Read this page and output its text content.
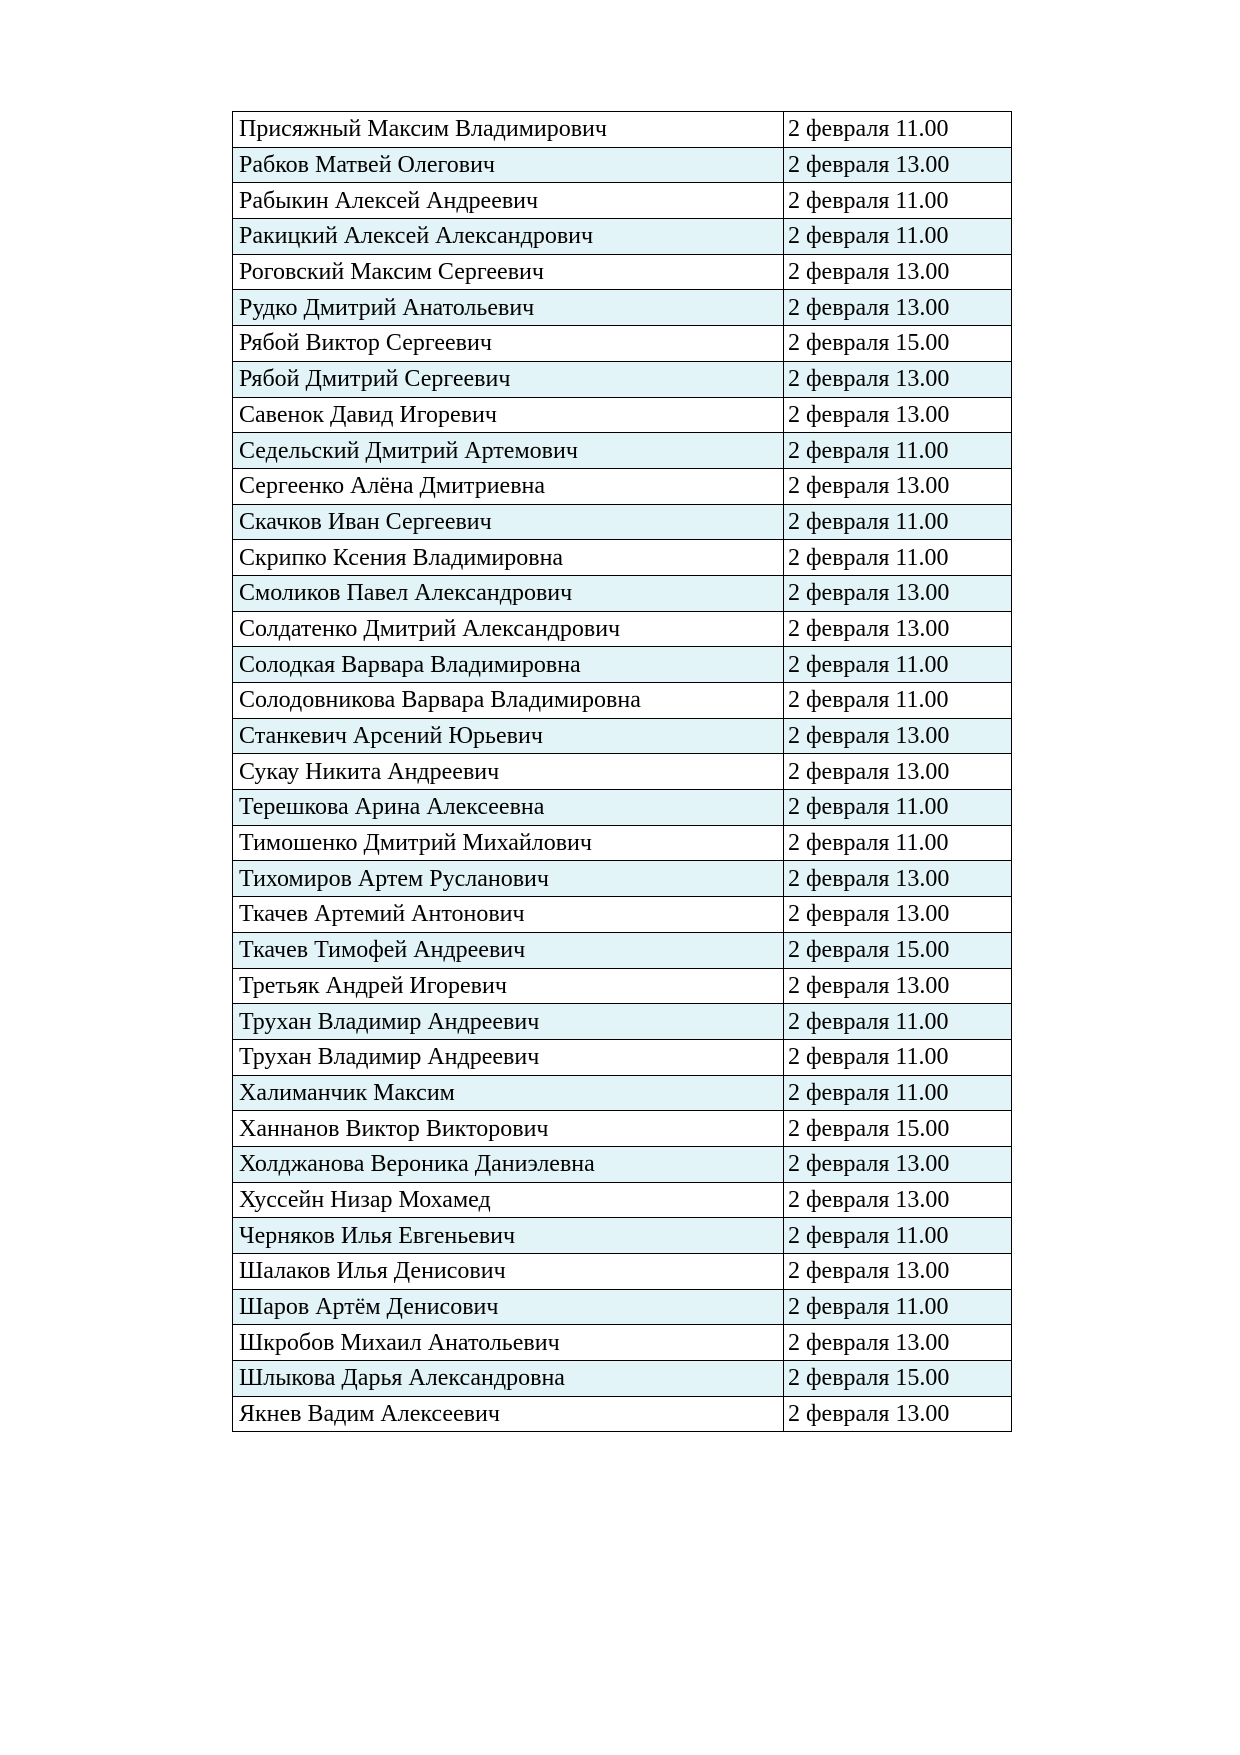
Присяжный Максим Владимирович	2 февраля 11.00
Рабков Матвей Олегович	2 февраля 13.00
Рабыкин Алексей Андреевич	2 февраля 11.00
Ракицкий Алексей Александрович	2 февраля 11.00
Роговский Максим Сергеевич	2 февраля 13.00
Рудко Дмитрий Анатольевич	2 февраля 13.00
Рябой Виктор Сергеевич	2 февраля 15.00
Рябой Дмитрий Сергеевич	2 февраля 13.00
Савенок Давид Игоревич	2 февраля 13.00
Седельский Дмитрий Артемович	2 февраля 11.00
Сергеенко Алёна Дмитриевна	2 февраля 13.00
Скачков Иван Сергеевич	2 февраля 11.00
Скрипко Ксения Владимировна	2 февраля 11.00
Смоликов Павел Александрович	2 февраля 13.00
Солдатенко Дмитрий Александрович	2 февраля 13.00
Солодкая Варвара Владимировна	2 февраля 11.00
Солодовникова Варвара Владимировна	2 февраля 11.00
Станкевич Арсений Юрьевич	2 февраля 13.00
Сукау Никита Андреевич	2 февраля 13.00
Терешкова Арина Алексеевна	2 февраля 11.00
Тимошенко Дмитрий Михайлович	2 февраля 11.00
Тихомиров Артем Русланович	2 февраля 13.00
Ткачев Артемий Антонович	2 февраля 13.00
Ткачев Тимофей Андреевич	2 февраля 15.00
Третьяк Андрей Игоревич	2 февраля 13.00
Трухан Владимир Андреевич	2 февраля 11.00
Трухан Владимир Андреевич	2 февраля 11.00
Халиманчик Максим	2 февраля 11.00
Ханнанов Виктор Викторович	2 февраля 15.00
Холджанова Вероника Даниэлевна	2 февраля 13.00
Хуссейн Низар Мохамед	2 февраля 13.00
Черняков Илья Евгеньевич	2 февраля 11.00
Шалаков Илья Денисович	2 февраля 13.00
Шаров Артём Денисович	2 февраля 11.00
Шкробов Михаил Анатольевич	2 февраля 13.00
Шлыкова Дарья Александровна	2 февраля 15.00
Якнев Вадим Алексеевич	2 февраля 13.00
